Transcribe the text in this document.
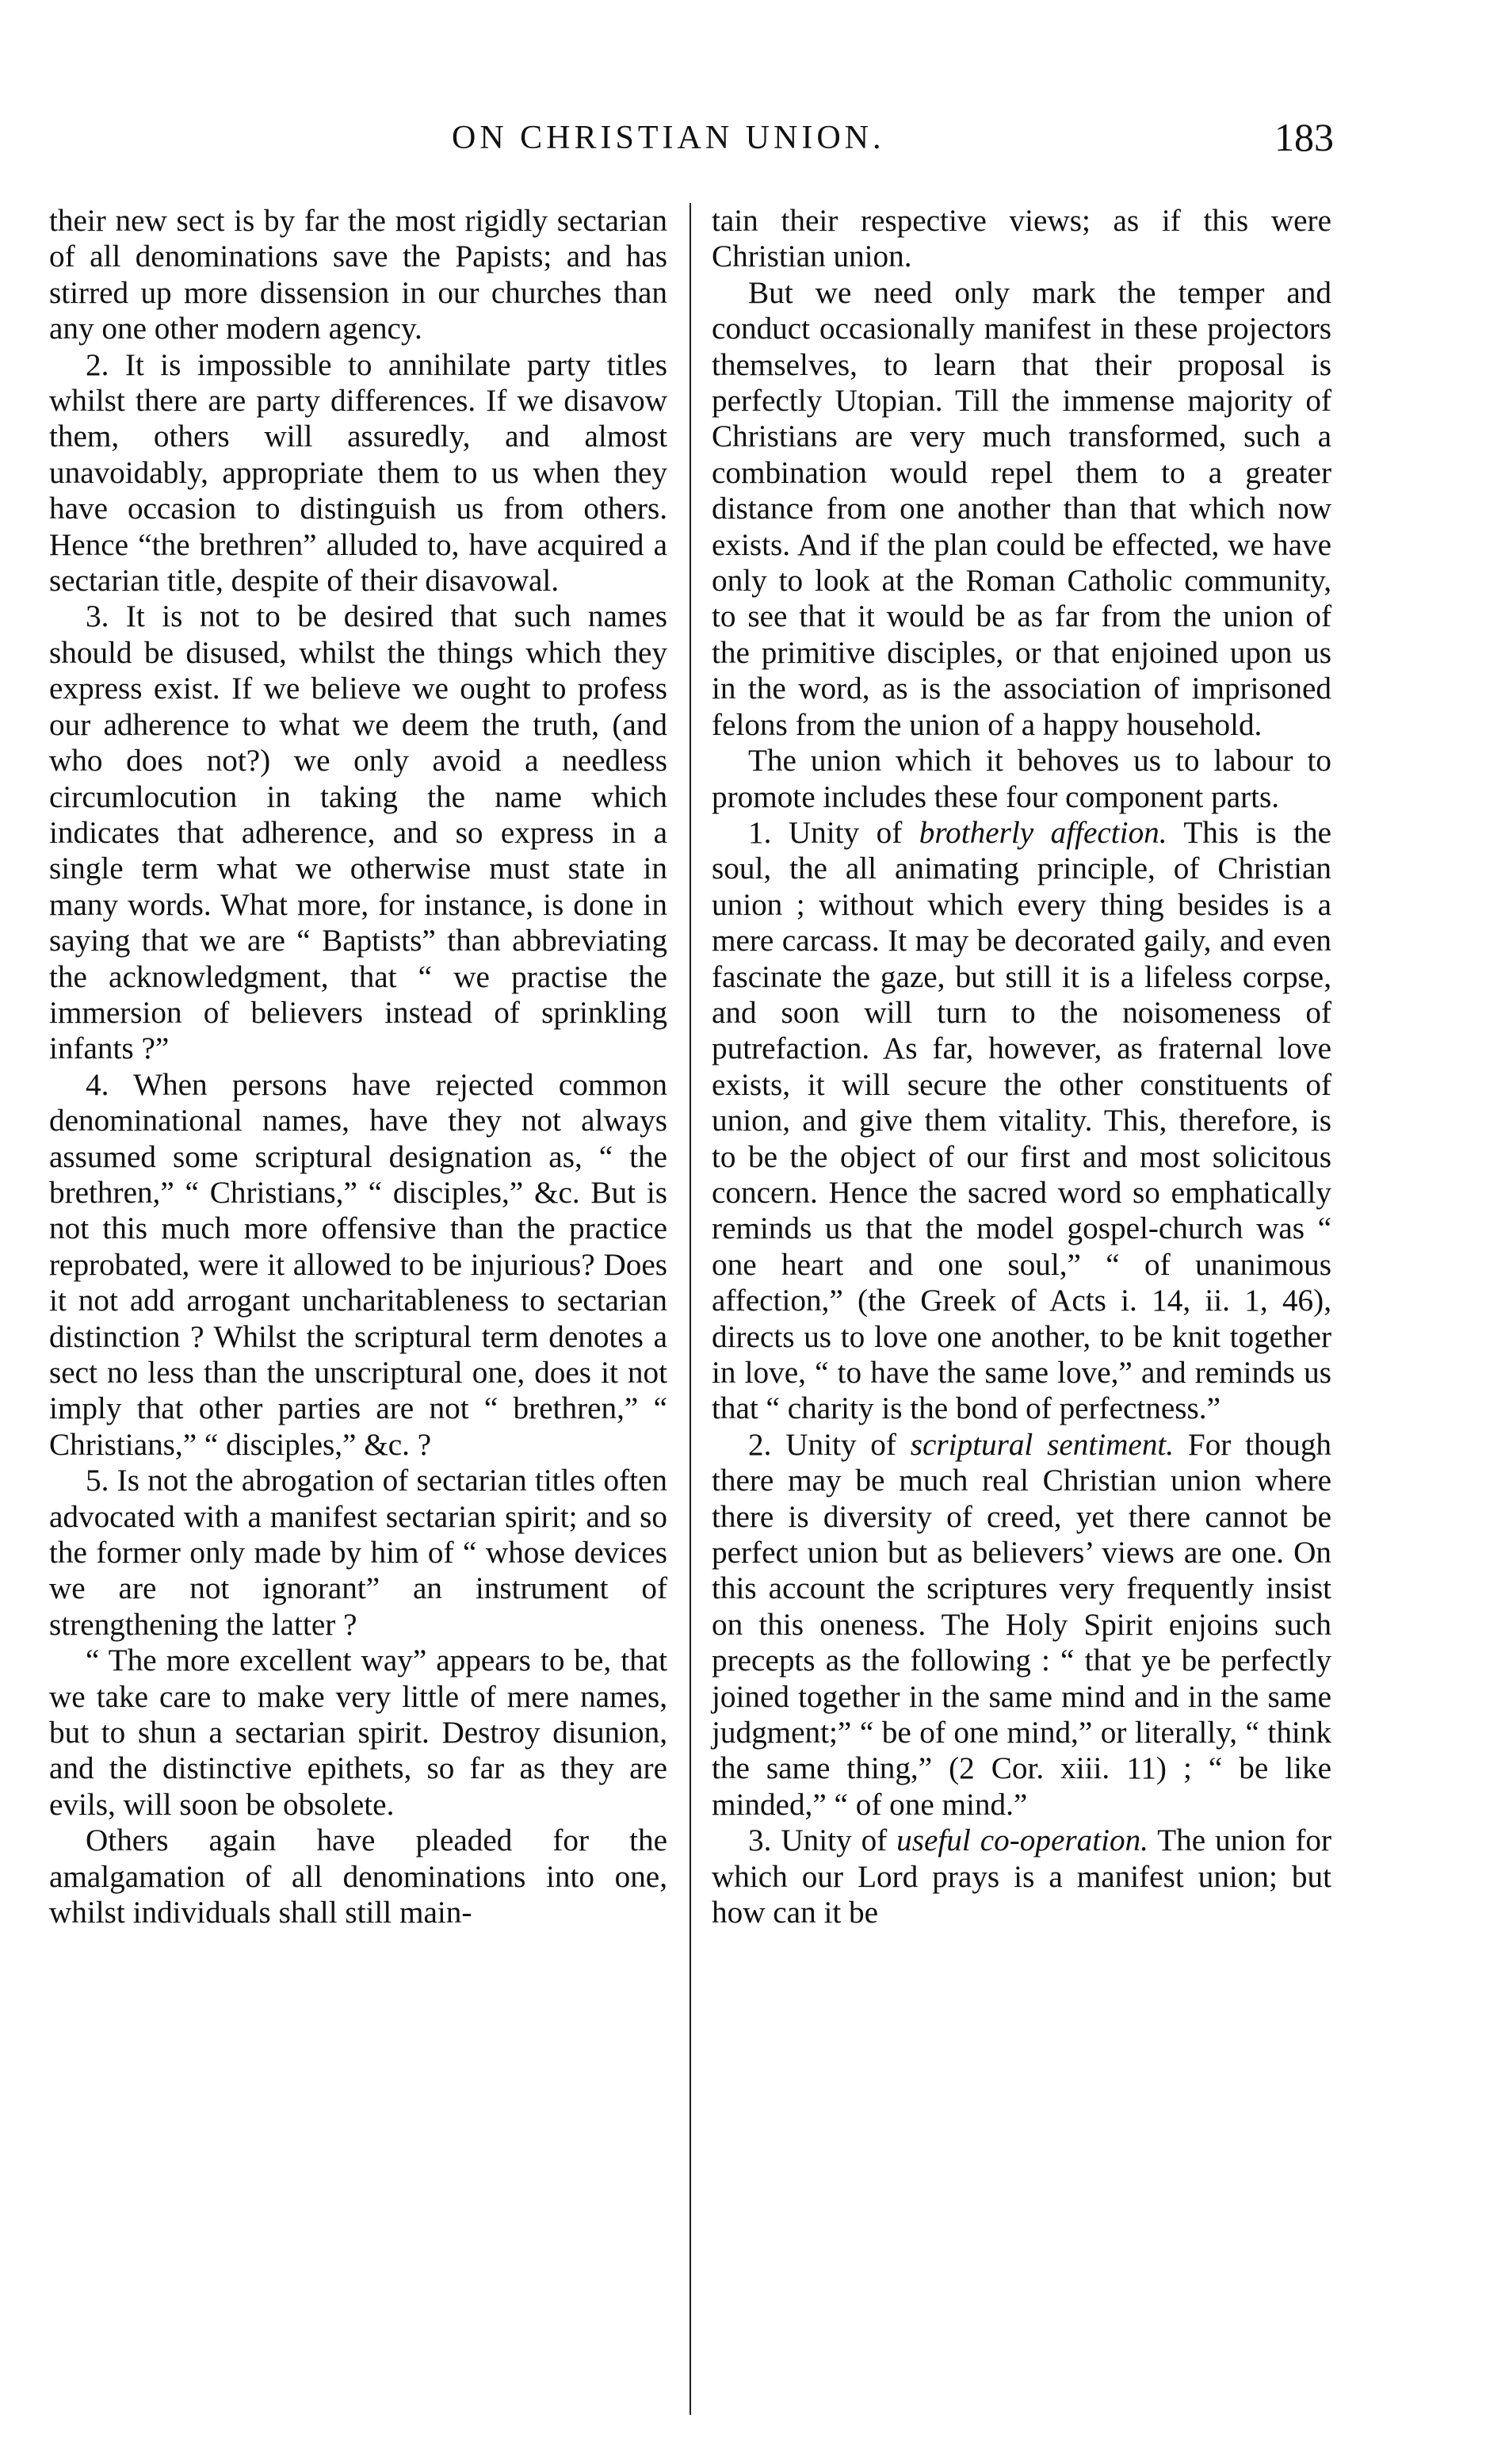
ON CHRISTIAN UNION.	183

their new sect is by far the most rigidly sectarian of all denominations save the Papists; and has stirred up more dissension in our churches than any one other modern agency.

2. It is impossible to annihilate party titles whilst there are party differences. If we disavow them, others will assuredly, and almost unavoidably, appropriate them to us when they have occasion to distinguish us from others. Hence “the brethren” alluded to, have acquired a sectarian title, despite of their disavowal.

3. It is not to be desired that such names should be disused, whilst the things which they express exist. If we believe we ought to profess our adherence to what we deem the truth, (and who does not?) we only avoid a needless circumlocution in taking the name which indicates that adherence, and so express in a single term what we otherwise must state in many words. What more, for instance, is done in saying that we are “ Baptists” than abbreviating the acknowledgment, that “ we practise the immersion of believers instead of sprinkling infants ?”

4. When persons have rejected common denominational names, have they not always assumed some scriptural designation as, “ the brethren,” “ Christians,” “ disciples,” &c. But is not this much more offensive than the practice reprobated, were it allowed to be injurious? Does it not add arrogant uncharitableness to sectarian distinction ? Whilst the scriptural term denotes a sect no less than the unscriptural one, does it not imply that other parties are not “ brethren,” “ Christians,” “ disciples,” &c. ?

5. Is not the abrogation of sectarian titles often advocated with a manifest sectarian spirit; and so the former only made by him of “ whose devices we are not ignorant” an instrument of strengthening the latter ?

“ The more excellent way” appears to be, that we take care to make very little of mere names, but to shun a sectarian spirit. Destroy disunion, and the distinctive epithets, so far as they are evils, will soon be obsolete.

Others again have pleaded for the amalgamation of all denominations into one, whilst individuals shall still main-

tain their respective views; as if this were Christian union.

But we need only mark the temper and conduct occasionally manifest in these projectors themselves, to learn that their proposal is perfectly Utopian. Till the immense majority of Christians are very much transformed, such a combination would repel them to a greater distance from one another than that which now exists. And if the plan could be effected, we have only to look at the Roman Catholic community, to see that it would be as far from the union of the primitive disciples, or that enjoined upon us in the word, as is the association of imprisoned felons from the union of a happy household.

The union which it behoves us to labour to promote includes these four component parts.

1. Unity of brotherly affection. This is the soul, the all animating principle, of Christian union ; without which every thing besides is a mere carcass. It may be decorated gaily, and even fascinate the gaze, but still it is a lifeless corpse, and soon will turn to the noisomeness of putrefaction. As far, however, as fraternal love exists, it will secure the other constituents of union, and give them vitality. This, therefore, is to be the object of our first and most solicitous concern. Hence the sacred word so emphatically reminds us that the model gospel-church was “ one heart and one soul,” “ of unanimous affection,” (the Greek of Acts i. 14, ii. 1, 46), directs us to love one another, to be knit together in love, “ to have the same love,” and reminds us that “ charity is the bond of perfectness.”

2. Unity of scriptural sentiment. For though there may be much real Christian union where there is diversity of creed, yet there cannot be perfect union but as believers’ views are one. On this account the scriptures very frequently insist on this oneness. The Holy Spirit enjoins such precepts as the following : “ that ye be perfectly joined together in the same mind and in the same judgment;” “ be of one mind,” or literally, “ think the same thing,” (2 Cor. xiii. 11) ; “ be like minded,” “ of one mind.”

3. Unity of useful co-operation. The union for which our Lord prays is a manifest union; but how can it be
